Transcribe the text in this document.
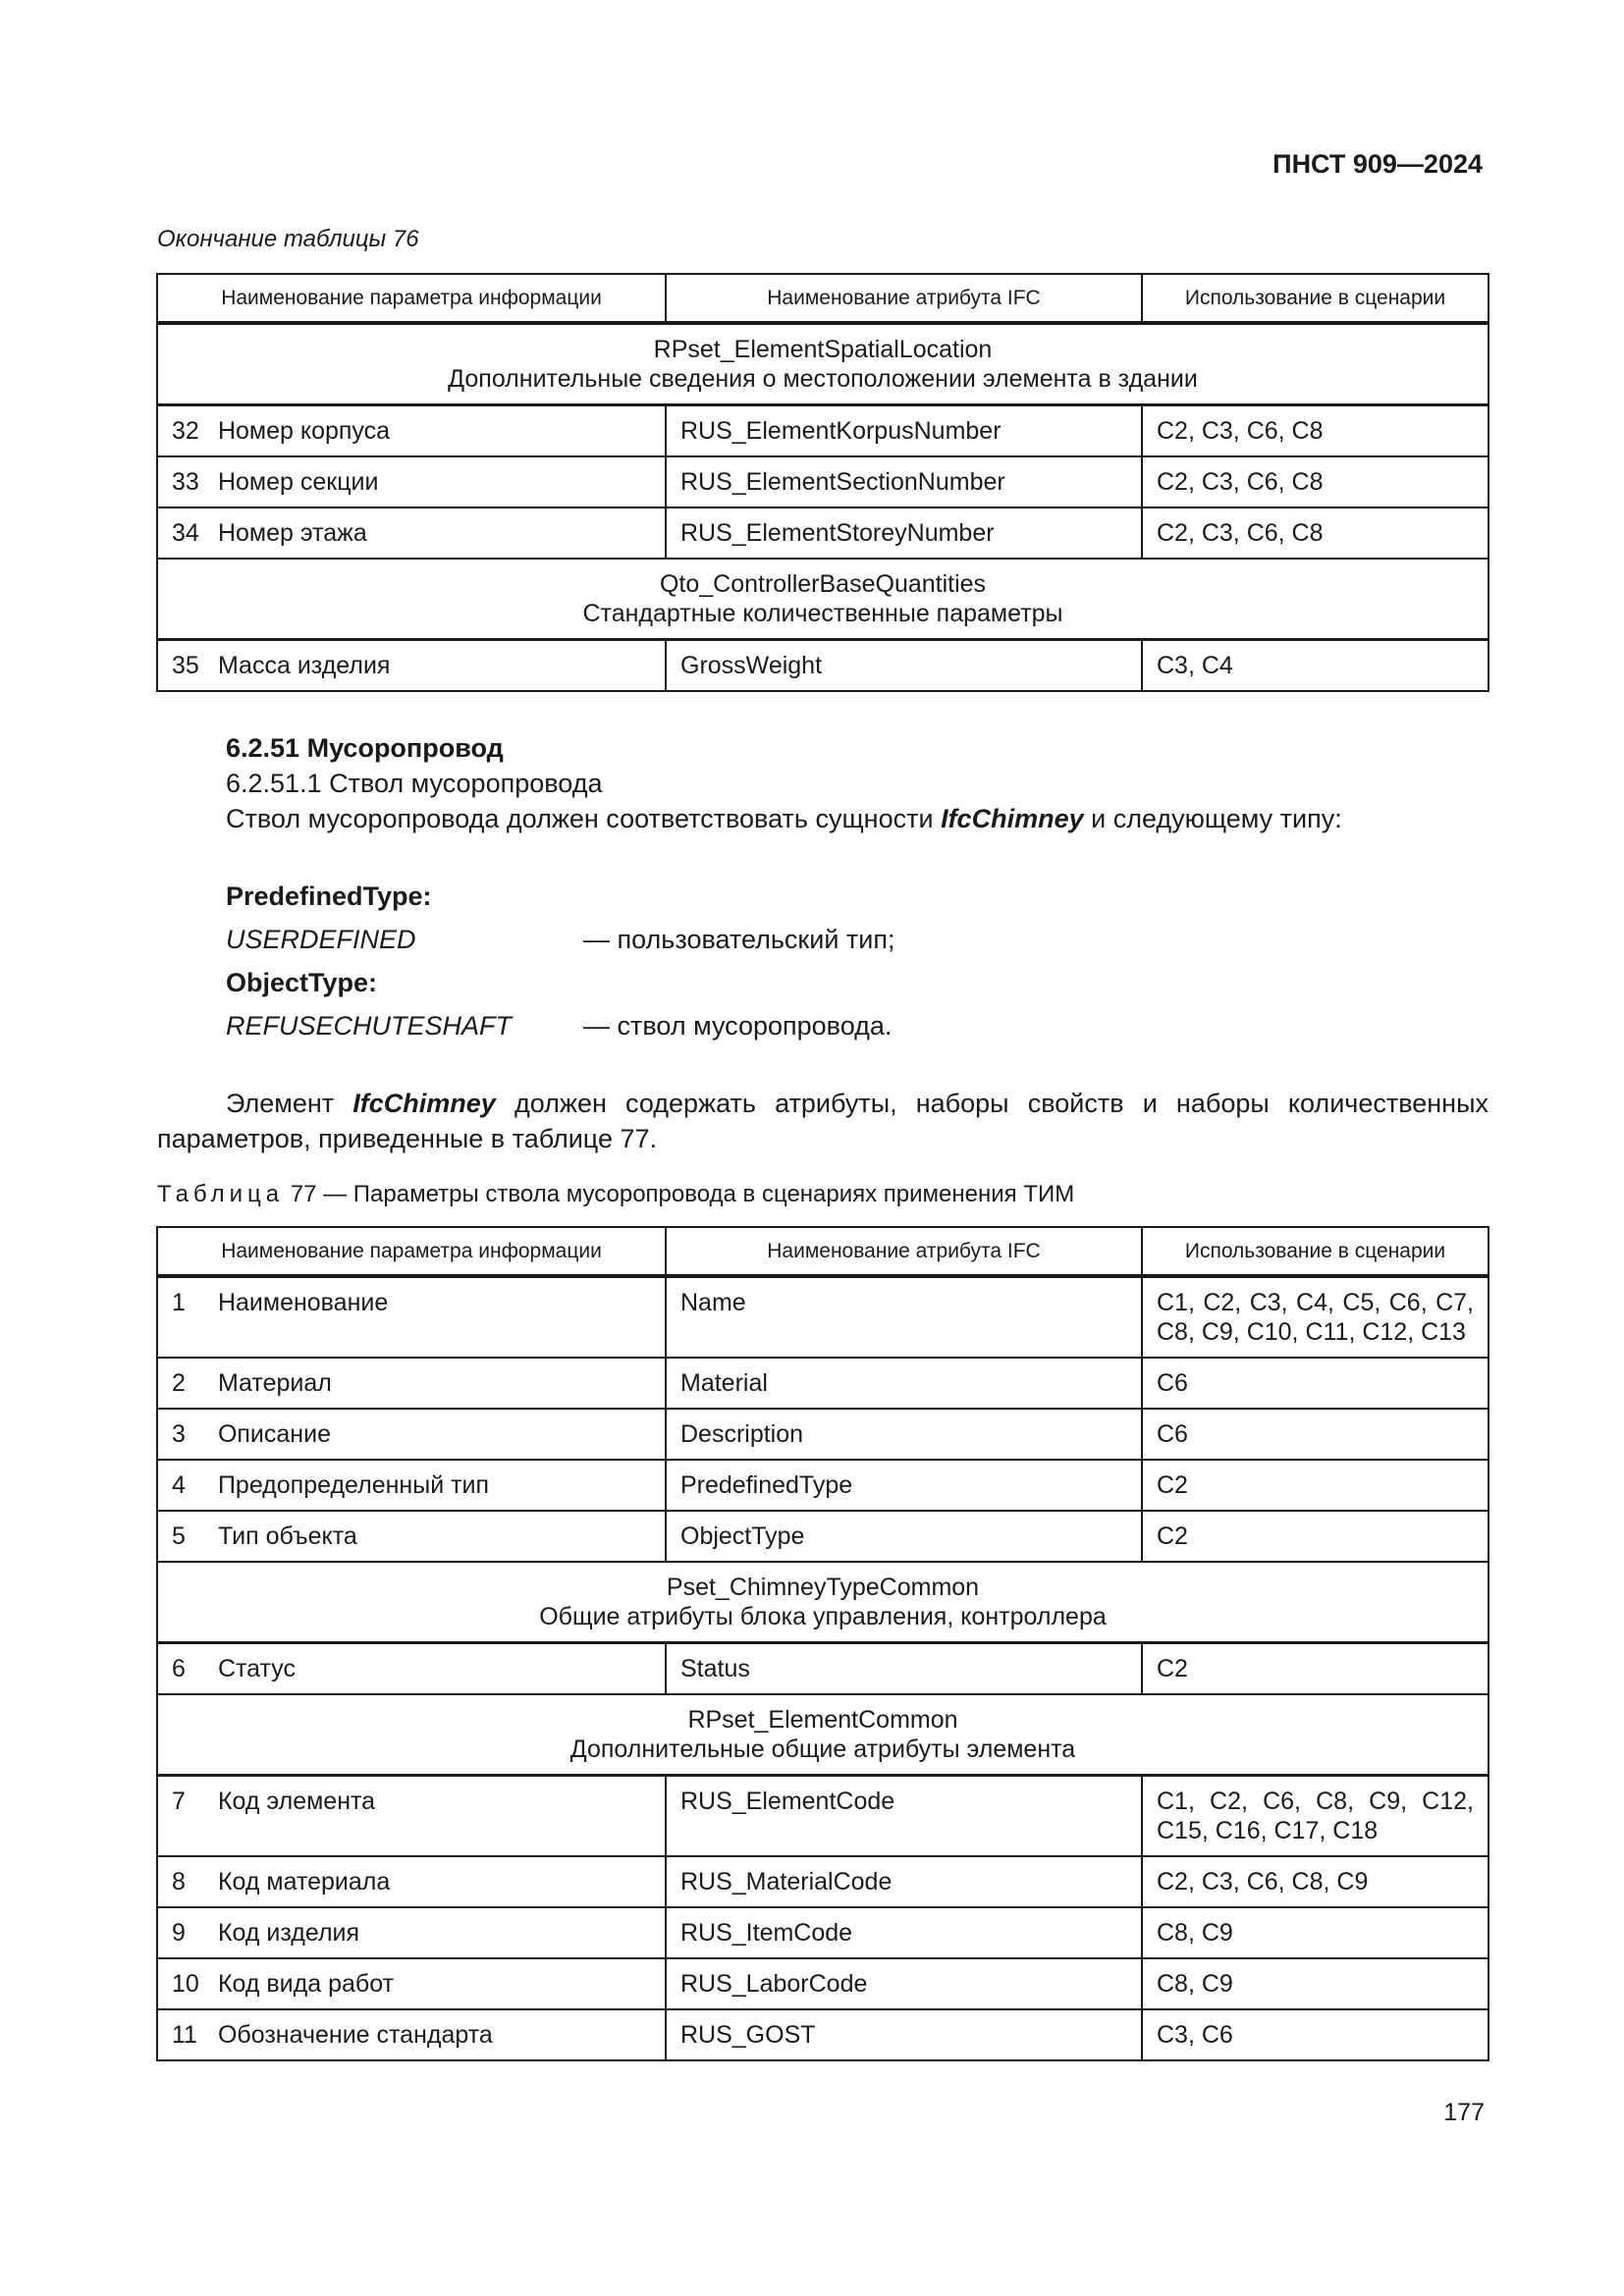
ПНСТ 909—2024
Окончание таблицы 76
Наименование параметра информации	Наименование атрибута IFC	Использование в сценарии

RPset_ElementSpatialLocation
Дополнительные сведения о местоположении элемента в здании		

32 Номер корпуса	RUS_ElementKorpusNumber	C2, C3, C6, C8
33 Номер секции	RUS_ElementSectionNumber	C2, C3, C6, C8
34 Номер этажа	RUS_ElementStoreyNumber	C2, C3, C6, C8

Qto_ControllerBaseQuantities
Стандартные количественные параметры		

35 Масса изделия	GrossWeight	C3, C4
6.2.51 Мусоропровод
6.2.51.1 Ствол мусоропровода
Ствол мусоропровода должен соответствовать сущности IfcChimney и следующему типу:
PredefinedType:
USERDEFINED	— пользовательский тип;
ObjectType:
REFUSECHUTESHAFT	— ствол мусоропровода.
Элемент IfcChimney должен содержать атрибуты, наборы свойств и наборы количественных параметров, приведенные в таблице 77.
Таблица 77 — Параметры ствола мусоропровода в сценариях применения ТИМ
Наименование параметра информации	Наименование атрибута IFC	Использование в сценарии
1 Наименование	Name	C1, C2, C3, C4, C5, C6, C7, C8, C9, C10, C11, C12, C13
2 Материал	Material	C6
3 Описание	Description	C6
4 Предопределенный тип	PredefinedType	C2
5 Тип объекта	ObjectType	C2

Pset_ChimneyTypeCommon
Общие атрибуты блока управления, контроллера		

6 Статус	Status	C2

RPset_ElementCommon
Дополнительные общие атрибуты элемента		

7 Код элемента	RUS_ElementCode	C1, C2, C6, C8, C9, C12, C15, C16, C17, C18
8 Код материала	RUS_MaterialCode	C2, C3, C6, C8, C9
9 Код изделия	RUS_ItemCode	C8, C9
10 Код вида работ	RUS_LaborCode	C8, C9
11 Обозначение стандарта	RUS_GOST	C3, C6
177
